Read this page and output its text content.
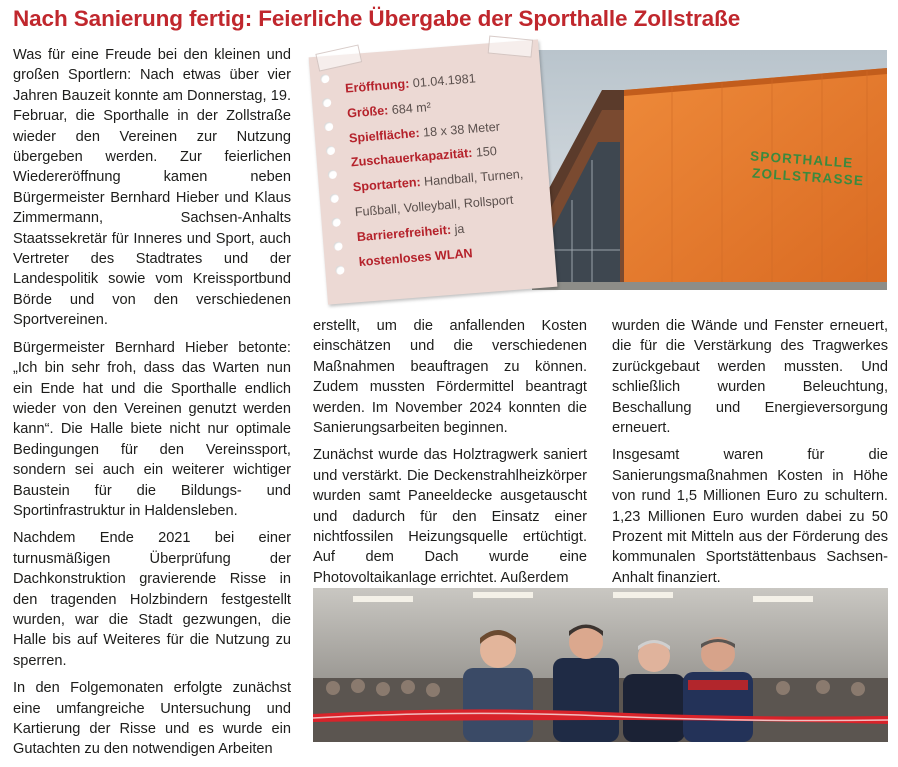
Nach Sanierung fertig: Feierliche Übergabe der Sporthalle Zollstraße

Was für eine Freude bei den kleinen und großen Sportlern: Nach etwas über vier Jahren Bauzeit konnte am Donnerstag, 19. Februar, die Sporthalle in der Zollstraße wieder den Vereinen zur Nutzung übergeben werden. Zur feierlichen Wiedereröffnung kamen neben Bürgermeister Bernhard Hieber und Klaus Zimmermann, Sachsen-Anhalts Staatssekretär für Inneres und Sport, auch Vertreter des Stadtrates und der Landespolitik sowie vom Kreissportbund Börde und von den verschiedenen Sportvereinen.

Bürgermeister Bernhard Hieber betonte: „Ich bin sehr froh, dass das Warten nun ein Ende hat und die Sporthalle endlich wieder von den Vereinen genutzt werden kann“. Die Halle biete nicht nur optimale Bedingungen für den Vereinssport, sondern sei auch ein weiterer wichtiger Baustein für die Bildungs- und Sportinfrastruktur in Haldensleben.

Nachdem Ende 2021 bei einer turnusmäßigen Überprüfung der Dachkonstruktion gravierende Risse in den tragenden Holzbindern festgestellt wurden, war die Stadt gezwungen, die Halle bis auf Weiteres für die Nutzung zu sperren.

In den Folgemonaten erfolgte zunächst eine umfangreiche Untersuchung und Kartierung der Risse und es wurde ein Gutachten zu den notwendigen Arbeiten

SPORTHALLE
ZOLLSTRASSE
Eröffnung: 01.04.1981
Größe: 684 m²
Spielfläche: 18 x 38 Meter
Zuschauerkapazität: 150
Sportarten: Handball, Turnen,
Fußball, Volleyball, Rollsport
Barrierefreiheit: ja
kostenloses WLAN

erstellt, um die anfallenden Kosten einschätzen und die verschiedenen Maßnahmen beauftragen zu können. Zudem mussten Fördermittel beantragt werden. Im November 2024 konnten die Sanierungsarbeiten beginnen.

Zunächst wurde das Holztragwerk saniert und verstärkt. Die Deckenstrahlheizkörper wurden samt Paneeldecke ausgetauscht und dadurch für den Einsatz einer nichtfossilen Heizungsquelle ertüchtigt. Auf dem Dach wurde eine Photovoltaikanlage errichtet. Außerdem

wurden die Wände und Fenster erneuert, die für die Verstärkung des Tragwerkes zurückgebaut werden mussten. Und schließlich wurden Beleuchtung, Beschallung und Energieversorgung erneuert.

Insgesamt waren für die Sanierungsmaßnahmen Kosten in Höhe von rund 1,5 Millionen Euro zu schultern. 1,23 Millionen Euro wurden dabei zu 50 Prozent mit Mitteln aus der Förderung des kommunalen Sportstättenbaus Sachsen-Anhalt finanziert.
